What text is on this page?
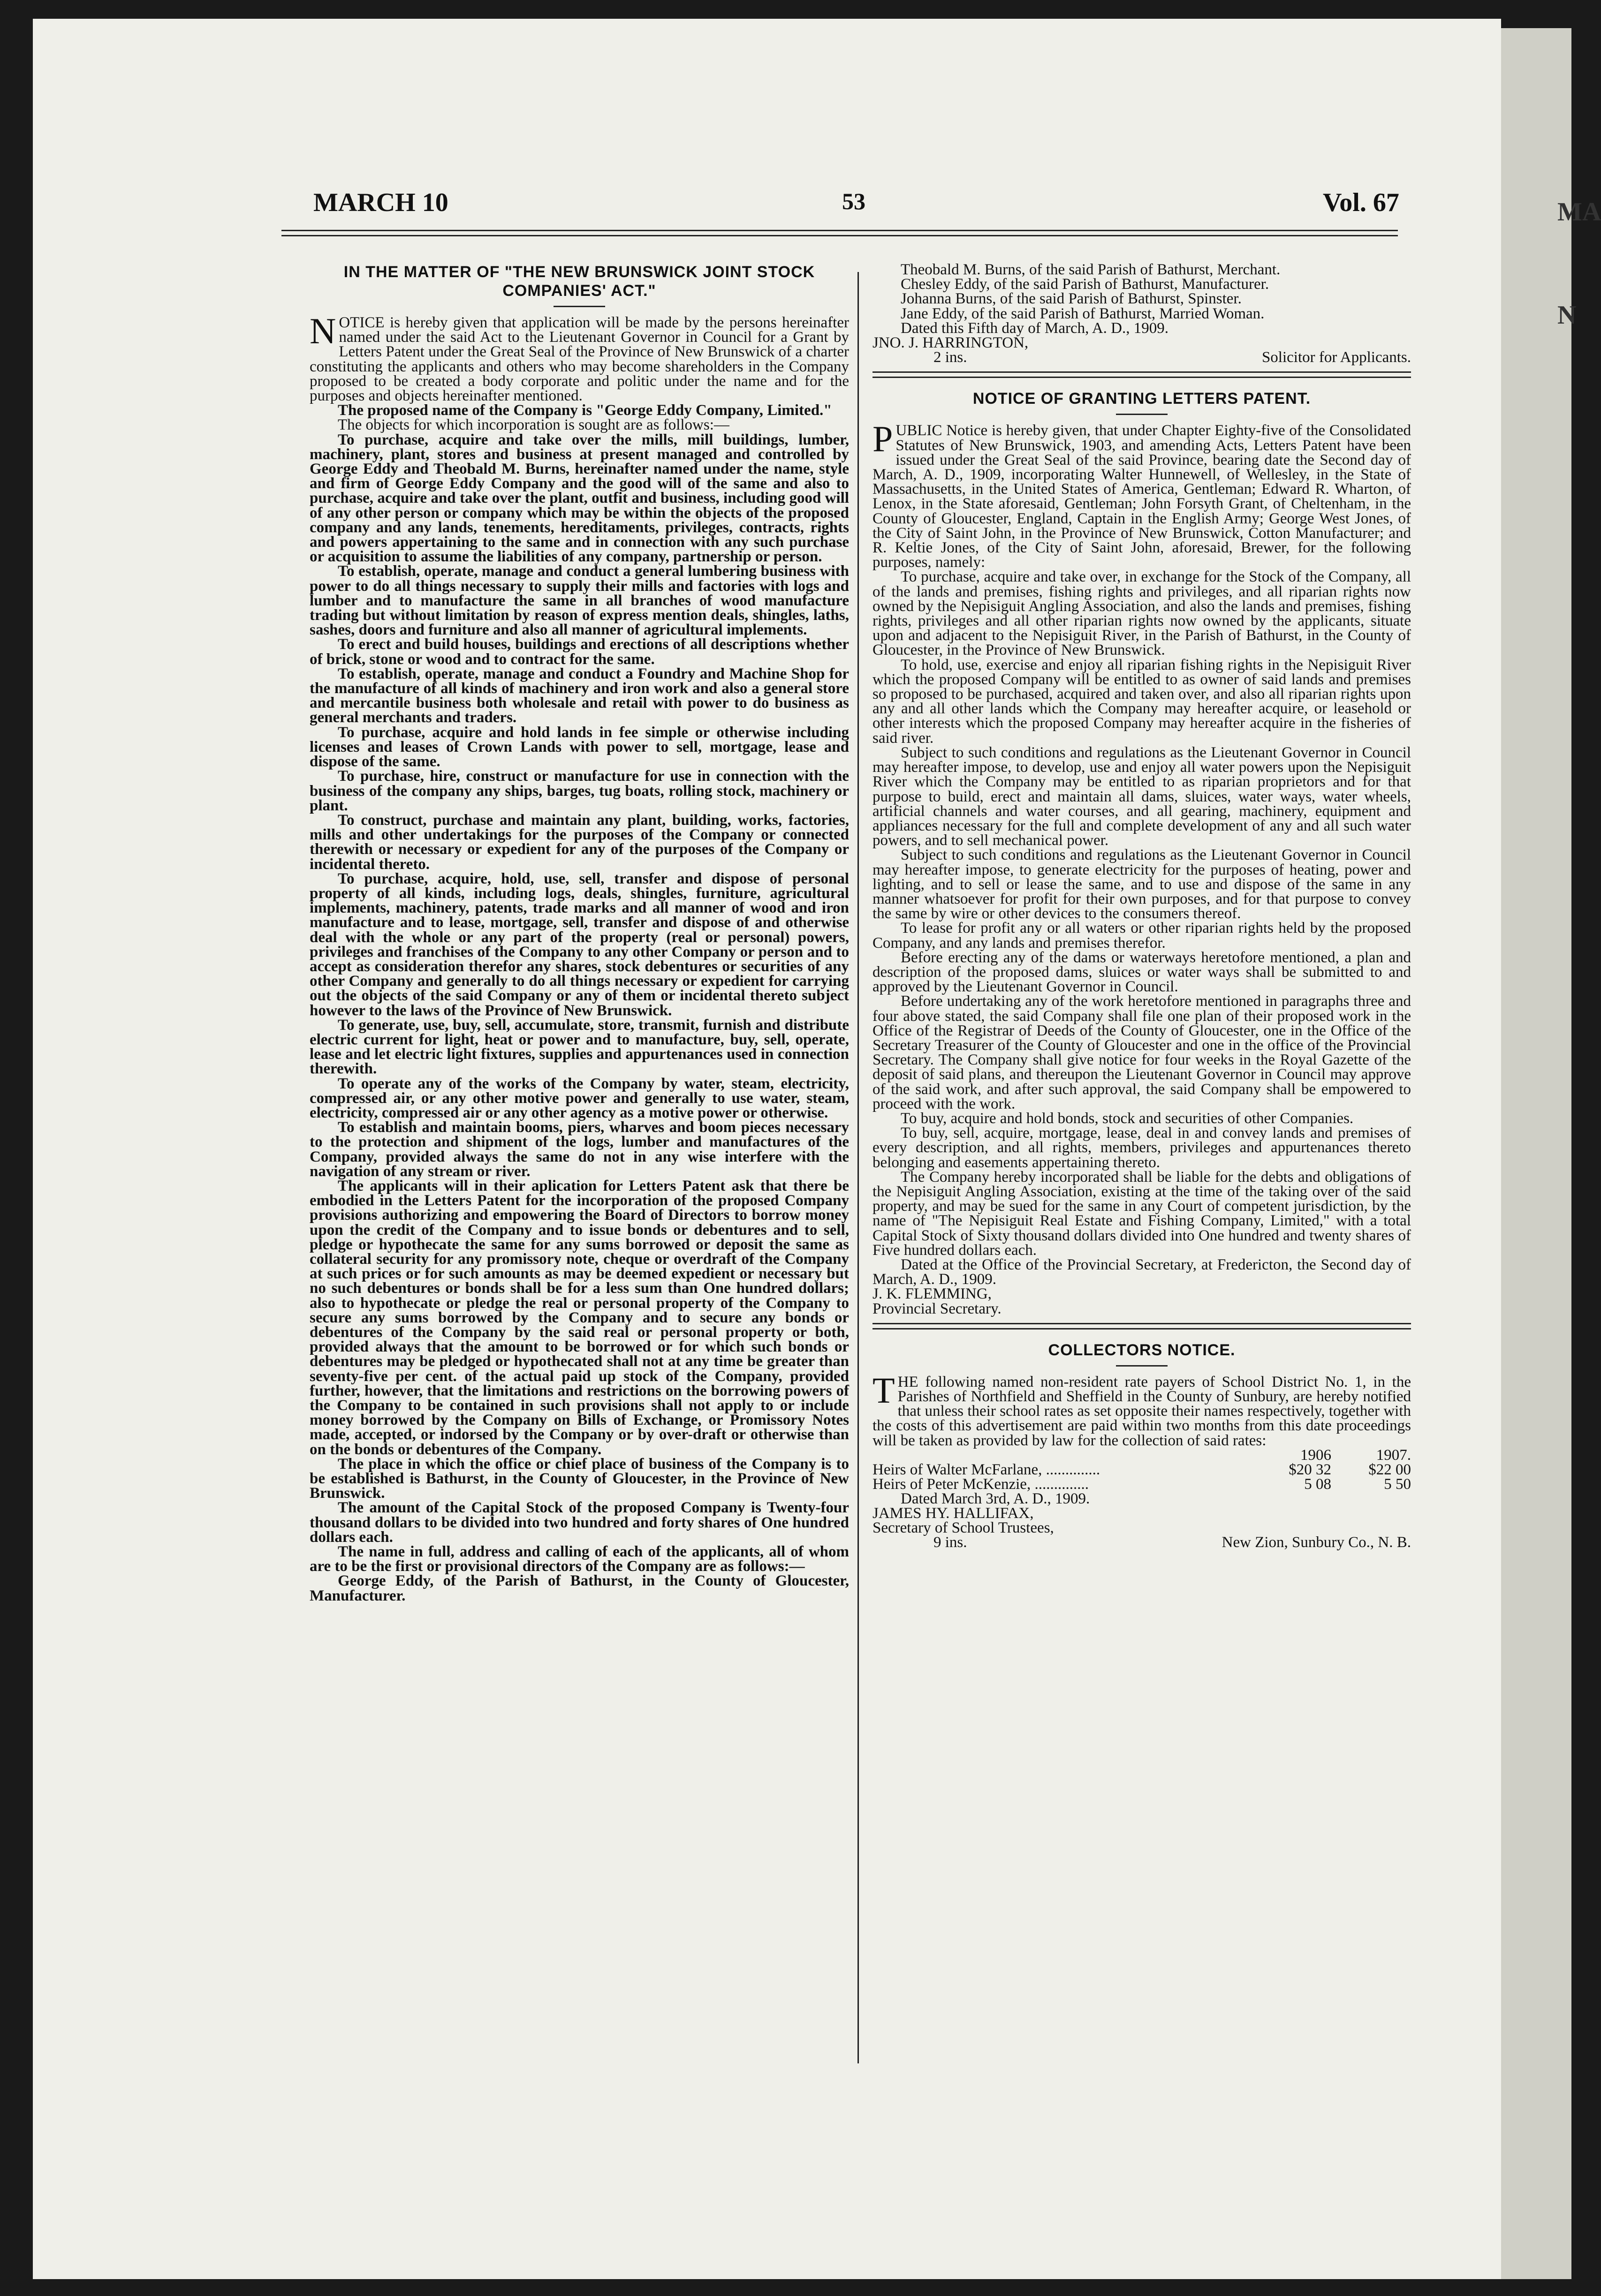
MA
N
MARCH 10	53	Vol. 67
IN THE MATTER OF "THE NEW BRUNSWICK JOINT STOCK COMPANIES' ACT."

NOTICE is hereby given that application will be made by the persons hereinafter named under the said Act to the Lieutenant Governor in Council for a Grant by Letters Patent under the Great Seal of the Province of New Brunswick of a charter constituting the applicants and others who may become shareholders in the Company proposed to be created a body corporate and politic under the name and for the purposes and objects hereinafter mentioned.

The proposed name of the Company is "George Eddy Company, Limited."

The objects for which incorporation is sought are as follows:—

To purchase, acquire and take over the mills, mill buildings, lumber, machinery, plant, stores and business at present managed and controlled by George Eddy and Theobald M. Burns, hereinafter named under the name, style and firm of George Eddy Company and the good will of the same and also to purchase, acquire and take over the plant, outfit and business, including good will of any other person or company which may be within the objects of the proposed company and any lands, tenements, hereditaments, privileges, contracts, rights and powers appertaining to the same and in connection with any such purchase or acquisition to assume the liabilities of any company, partnership or person.

To establish, operate, manage and conduct a general lumbering business with power to do all things necessary to supply their mills and factories with logs and lumber and to manufacture the same in all branches of wood manufacture trading but without limitation by reason of express mention deals, shingles, laths, sashes, doors and furniture and also all manner of agricultural implements.

To erect and build houses, buildings and erections of all descriptions whether of brick, stone or wood and to contract for the same.

To establish, operate, manage and conduct a Foundry and Machine Shop for the manufacture of all kinds of machinery and iron work and also a general store and mercantile business both wholesale and retail with power to do business as general merchants and traders.

To purchase, acquire and hold lands in fee simple or otherwise including licenses and leases of Crown Lands with power to sell, mortgage, lease and dispose of the same.

To purchase, hire, construct or manufacture for use in connection with the business of the company any ships, barges, tug boats, rolling stock, machinery or plant.

To construct, purchase and maintain any plant, building, works, factories, mills and other undertakings for the purposes of the Company or connected therewith or necessary or expedient for any of the purposes of the Company or incidental thereto.

To purchase, acquire, hold, use, sell, transfer and dispose of personal property of all kinds, including logs, deals, shingles, furniture, agricultural implements, machinery, patents, trade marks and all manner of wood and iron manufacture and to lease, mortgage, sell, transfer and dispose of and otherwise deal with the whole or any part of the property (real or personal) powers, privileges and franchises of the Company to any other Company or person and to accept as consideration therefor any shares, stock debentures or securities of any other Company and generally to do all things necessary or expedient for carrying out the objects of the said Company or any of them or incidental thereto subject however to the laws of the Province of New Brunswick.

To generate, use, buy, sell, accumulate, store, transmit, furnish and distribute electric current for light, heat or power and to manufacture, buy, sell, operate, lease and let electric light fixtures, supplies and appurtenances used in connection therewith.

To operate any of the works of the Company by water, steam, electricity, compressed air, or any other motive power and generally to use water, steam, electricity, compressed air or any other agency as a motive power or otherwise.

To establish and maintain booms, piers, wharves and boom pieces necessary to the protection and shipment of the logs, lumber and manufactures of the Company, provided always the same do not in any wise interfere with the navigation of any stream or river.

The applicants will in their aplication for Letters Patent ask that there be embodied in the Letters Patent for the incorporation of the proposed Company provisions authorizing and empowering the Board of Directors to borrow money upon the credit of the Company and to issue bonds or debentures and to sell, pledge or hypothecate the same for any sums borrowed or deposit the same as collateral security for any promissory note, cheque or overdraft of the Company at such prices or for such amounts as may be deemed expedient or necessary but no such debentures or bonds shall be for a less sum than One hundred dollars; also to hypothecate or pledge the real or personal property of the Company to secure any sums borrowed by the Company and to secure any bonds or debentures of the Company by the said real or personal property or both, provided always that the amount to be borrowed or for which such bonds or debentures may be pledged or hypothecated shall not at any time be greater than seventy-five per cent. of the actual paid up stock of the Company, provided further, however, that the limitations and restrictions on the borrowing powers of the Company to be contained in such provisions shall not apply to or include money borrowed by the Company on Bills of Exchange, or Promissory Notes made, accepted, or indorsed by the Company or by over-draft or otherwise than on the bonds or debentures of the Company.

The place in which the office or chief place of business of the Company is to be established is Bathurst, in the County of Gloucester, in the Province of New Brunswick.

The amount of the Capital Stock of the proposed Company is Twenty-four thousand dollars to be divided into two hundred and forty shares of One hundred dollars each.

The name in full, address and calling of each of the applicants, all of whom are to be the first or provisional directors of the Company are as follows:—

George Eddy, of the Parish of Bathurst, in the County of Gloucester, Manufacturer.

Theobald M. Burns, of the said Parish of Bathurst, Merchant.

Chesley Eddy, of the said Parish of Bathurst, Manufacturer.

Johanna Burns, of the said Parish of Bathurst, Spinster.

Jane Eddy, of the said Parish of Bathurst, Married Woman.

Dated this Fifth day of March, A. D., 1909.

JNO. J. HARRINGTON,

2 ins.	Solicitor for Applicants.

NOTICE OF GRANTING LETTERS PATENT.

PUBLIC Notice is hereby given, that under Chapter Eighty-five of the Consolidated Statutes of New Brunswick, 1903, and amending Acts, Letters Patent have been issued under the Great Seal of the said Province, bearing date the Second day of March, A. D., 1909, incorporating Walter Hunnewell, of Wellesley, in the State of Massachusetts, in the United States of America, Gentleman; Edward R. Wharton, of Lenox, in the State aforesaid, Gentleman; John Forsyth Grant, of Cheltenham, in the County of Gloucester, England, Captain in the English Army; George West Jones, of the City of Saint John, in the Province of New Brunswick, Cotton Manufacturer; and R. Keltie Jones, of the City of Saint John, aforesaid, Brewer, for the following purposes, namely:

To purchase, acquire and take over, in exchange for the Stock of the Company, all of the lands and premises, fishing rights and privileges, and all riparian rights now owned by the Nepisiguit Angling Association, and also the lands and premises, fishing rights, privileges and all other riparian rights now owned by the applicants, situate upon and adjacent to the Nepisiguit River, in the Parish of Bathurst, in the County of Gloucester, in the Province of New Brunswick.

To hold, use, exercise and enjoy all riparian fishing rights in the Nepisiguit River which the proposed Company will be entitled to as owner of said lands and premises so proposed to be purchased, acquired and taken over, and also all riparian rights upon any and all other lands which the Company may hereafter acquire, or leasehold or other interests which the proposed Company may hereafter acquire in the fisheries of said river.

Subject to such conditions and regulations as the Lieutenant Governor in Council may hereafter impose, to develop, use and enjoy all water powers upon the Nepisiguit River which the Company may be entitled to as riparian proprietors and for that purpose to build, erect and maintain all dams, sluices, water ways, water wheels, artificial channels and water courses, and all gearing, machinery, equipment and appliances necessary for the full and complete development of any and all such water powers, and to sell mechanical power.

Subject to such conditions and regulations as the Lieutenant Governor in Council may hereafter impose, to generate electricity for the purposes of heating, power and lighting, and to sell or lease the same, and to use and dispose of the same in any manner whatsoever for profit for their own purposes, and for that purpose to convey the same by wire or other devices to the consumers thereof.

To lease for profit any or all waters or other riparian rights held by the proposed Company, and any lands and premises therefor.

Before erecting any of the dams or waterways heretofore mentioned, a plan and description of the proposed dams, sluices or water ways shall be submitted to and approved by the Lieutenant Governor in Council.

Before undertaking any of the work heretofore mentioned in paragraphs three and four above stated, the said Company shall file one plan of their proposed work in the Office of the Registrar of Deeds of the County of Gloucester, one in the Office of the Secretary Treasurer of the County of Gloucester and one in the office of the Provincial Secretary. The Company shall give notice for four weeks in the Royal Gazette of the deposit of said plans, and thereupon the Lieutenant Governor in Council may approve of the said work, and after such approval, the said Company shall be empowered to proceed with the work.

To buy, acquire and hold bonds, stock and securities of other Companies.

To buy, sell, acquire, mortgage, lease, deal in and convey lands and premises of every description, and all rights, members, privileges and appurtenances thereto belonging and easements appertaining thereto.

The Company hereby incorporated shall be liable for the debts and obligations of the Nepisiguit Angling Association, existing at the time of the taking over of the said property, and may be sued for the same in any Court of competent jurisdiction, by the name of "The Nepisiguit Real Estate and Fishing Company, Limited," with a total Capital Stock of Sixty thousand dollars divided into One hundred and twenty shares of Five hundred dollars each.

Dated at the Office of the Provincial Secretary, at Fredericton, the Second day of March, A. D., 1909.

J. K. FLEMMING,

Provincial Secretary.

COLLECTORS NOTICE.

THE following named non-resident rate payers of School District No. 1, in the Parishes of Northfield and Sheffield in the County of Sunbury, are hereby notified that unless their school rates as set opposite their names respectively, together with the costs of this advertisement are paid within two months from this date proceedings will be taken as provided by law for the collection of said rates:

	1906	1907.
Heirs of Walter McFarlane, ..............	$20 32	$22 00
Heirs of Peter McKenzie, ..............	5 08	5 50

Dated March 3rd, A. D., 1909.

JAMES HY. HALLIFAX,

Secretary of School Trustees,

9 ins.	New Zion, Sunbury Co., N. B.
